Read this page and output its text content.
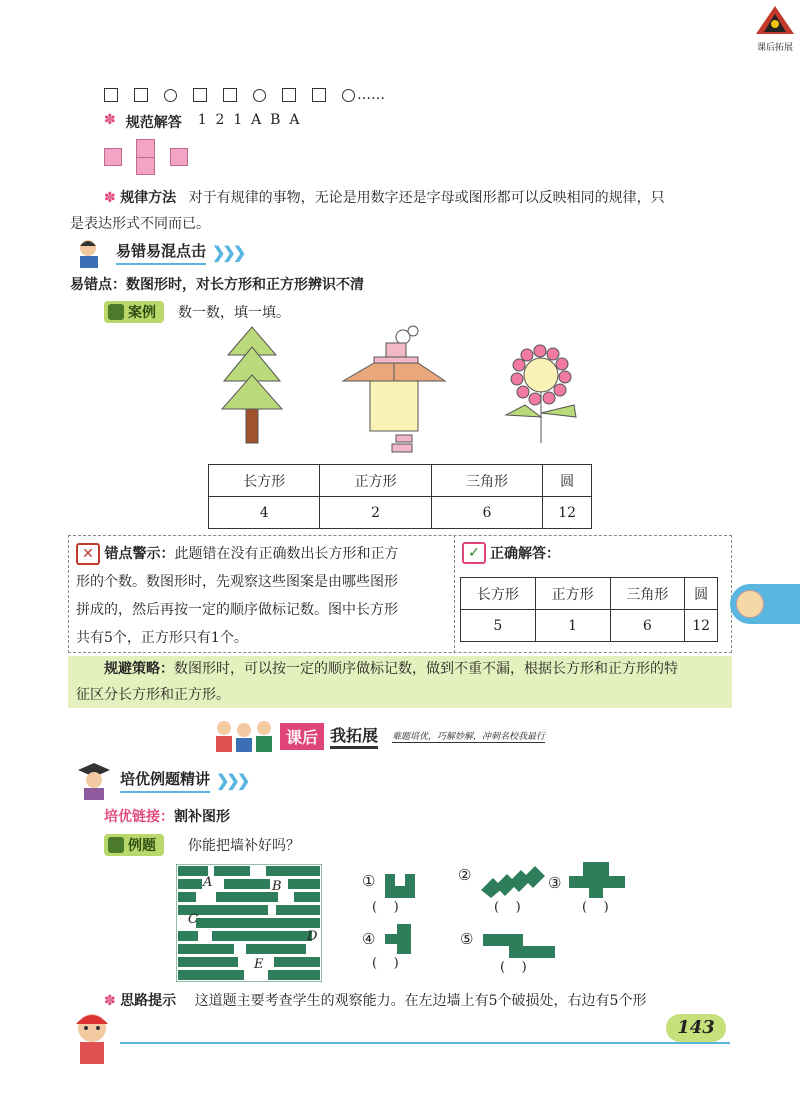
课后拓展
……
✽ 规范解答 1  2  1  A  B  A
✽ 规律方法 对于有规律的事物，无论是用数字还是字母或图形都可以反映相同的规律，只
是表达形式不同而已。
易错易混点击 ❯❯❯
易错点：数图形时，对长方形和正方形辨识不清
案例 数一数，填一填。
长方形	正方形	三角形	圆
4	2	6	12
✕ 错点警示：此题错在没有正确数出长方形和正方
形的个数。数图形时，先观察这些图案是由哪些图形
拼成的，然后再按一定的顺序做标记数。图中长方形
共有5个，正方形只有1个。
✓ 正确解答：
长方形	正方形	三角形	圆
5	1	6	12
规避策略：数图形时，可以按一定的顺序做标记数，做到不重不漏，根据长方形和正方形的特
征区分长方形和正方形。
课后 我拓展 难题培优，巧解妙解，冲刺名校我最行
培优例题精讲 ❯❯❯
培优链接：割补图形
例题 你能把墙补好吗？
A	B
C
D
E
①
(    )
②
(    )
③
(    )
④
(    )
⑤
(    )
✽ 思路提示 这道题主要考查学生的观察能力。在左边墙上有5个破损处，右边有5个形
143
